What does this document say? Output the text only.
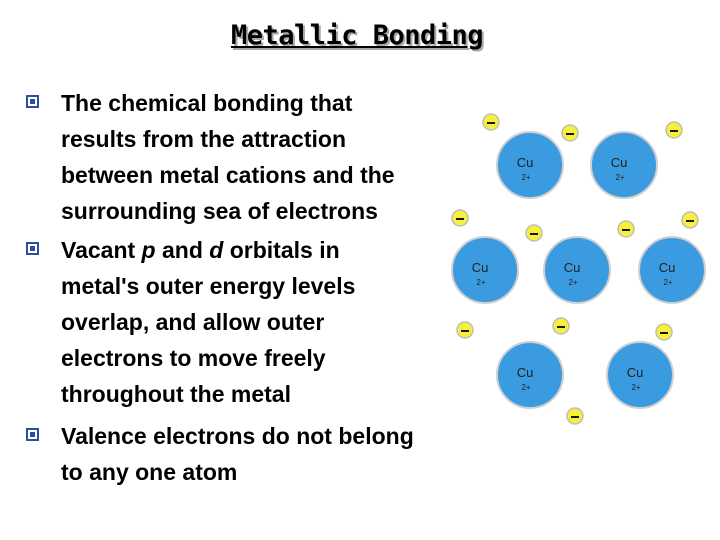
Metallic Bonding
The chemical bonding that
results from the attraction
between metal cations and the
surrounding sea of electrons
Vacant p and d orbitals in
metal's outer energy levels
overlap, and allow outer
electrons to move freely
throughout the metal
Valence electrons do not belong
to any one atom
Cu
2+
Cu
2+
Cu
2+
Cu
2+
Cu
2+
Cu
2+
Cu
2+
